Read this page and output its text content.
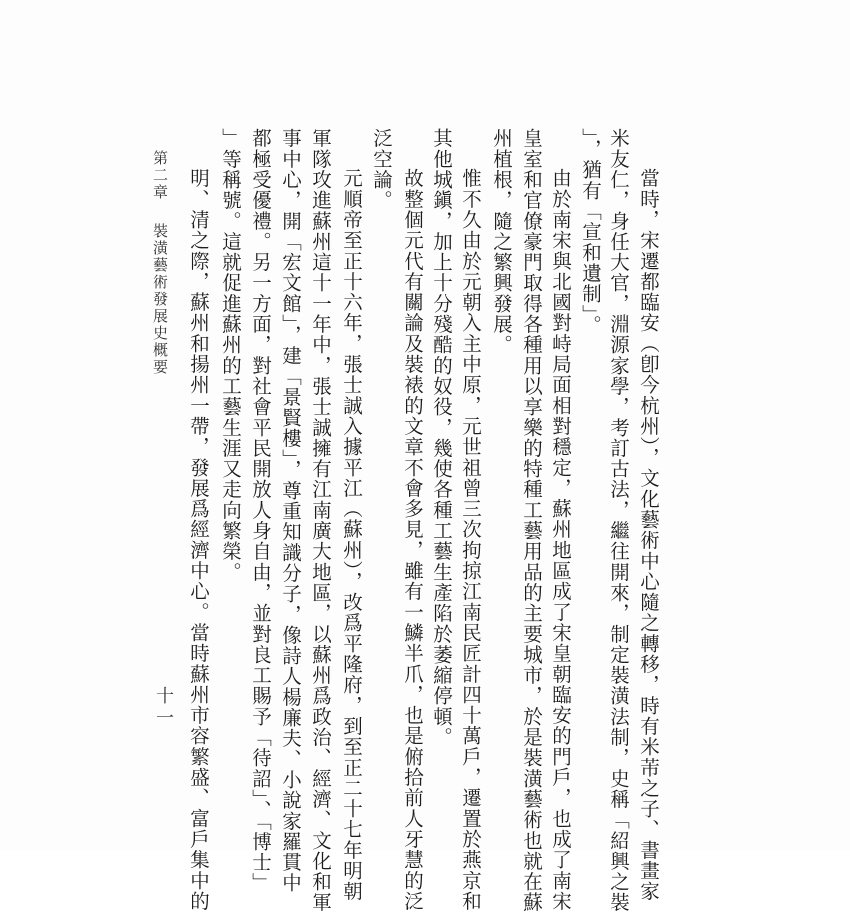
當時，宋遷都臨安（卽今杭州），文化藝術中心隨之轉移，時有米芾之子、書畫家
米友仁，身任大官，淵源家學，考訂古法，繼往開來，制定裝潢法制，史稱「紹興之裝
」，猶有「宣和遺制」。
由於南宋與北國對峙局面相對穩定，蘇州地區成了宋皇朝臨安的門戶，也成了南宋
皇室和官僚豪門取得各種用以享樂的特種工藝用品的主要城市，於是裝潢藝術也就在蘇
州植根，隨之繁興發展。
惟不久由於元朝入主中原，元世祖曾三次拘掠江南民匠計四十萬戶，遷置於燕京和
其他城鎭，加上十分殘酷的奴役，幾使各種工藝生產陷於萎縮停頓。
故整個元代有關論及裝裱的文章不會多見，雖有一鱗半爪，也是俯拾前人牙慧的泛
泛空論。
元順帝至正十六年，張士誠入據平江（蘇州），改爲平隆府，到至正二十七年明朝
軍隊攻進蘇州這十一年中，張士誠擁有江南廣大地區，以蘇州爲政治、經濟、文化和軍
事中心，開「宏文館」，建「景賢樓」，尊重知識分子，像詩人楊廉夫、小說家羅貫中
都極受優禮。另一方面，對社會平民開放人身自由，並對良工賜予「待詔」、「博士」
」等稱號。這就促進蘇州的工藝生涯又走向繁榮。
明、清之際，蘇州和揚州一帶，發展爲經濟中心。當時蘇州市容繁盛、富戶集中的
第二章裝潢藝術發展史概要
十一
